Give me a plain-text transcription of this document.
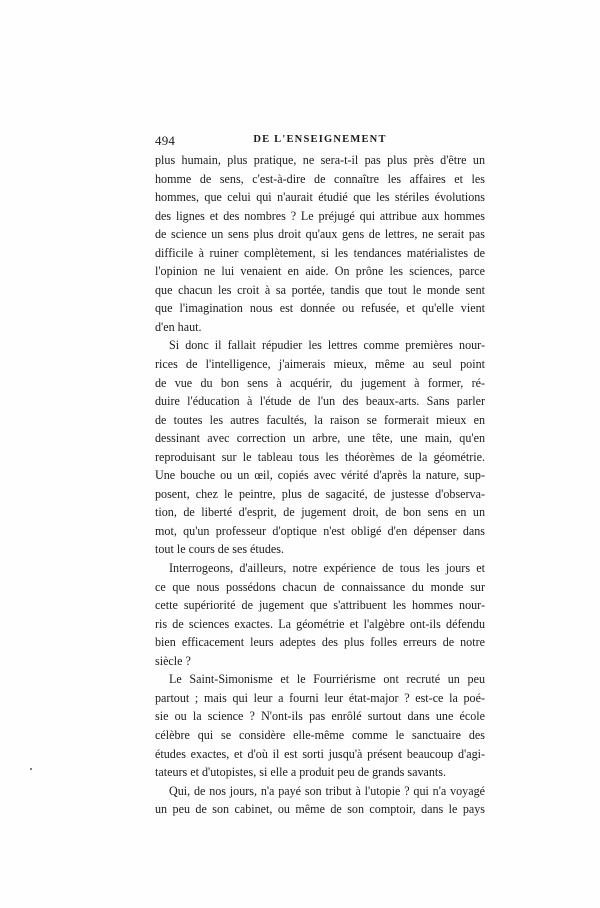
494	DE L'ENSEIGNEMENT
plus humain, plus pratique, ne sera-t-il pas plus près d'être un
homme de sens, c'est-à-dire de connaître les affaires et les
hommes, que celui qui n'aurait étudié que les stériles évolutions
des lignes et des nombres ? Le préjugé qui attribue aux hommes
de science un sens plus droit qu'aux gens de lettres, ne serait pas
difficile à ruiner complètement, si les tendances matérialistes de
l'opinion ne lui venaient en aide. On prône les sciences, parce
que chacun les croit à sa portée, tandis que tout le monde sent
que l'imagination nous est donnée ou refusée, et qu'elle vient
d'en haut.
Si donc il fallait répudier les lettres comme premières nour-
rices de l'intelligence, j'aimerais mieux, même au seul point
de vue du bon sens à acquérir, du jugement à former, ré-
duire l'éducation à l'étude de l'un des beaux-arts. Sans parler
de toutes les autres facultés, la raison se formerait mieux en
dessinant avec correction un arbre, une tête, une main, qu'en
reproduisant sur le tableau tous les théorèmes de la géométrie.
Une bouche ou un œil, copiés avec vérité d'après la nature, sup-
posent, chez le peintre, plus de sagacité, de justesse d'observa-
tion, de liberté d'esprit, de jugement droit, de bon sens en un
mot, qu'un professeur d'optique n'est obligé d'en dépenser dans
tout le cours de ses études.
Interrogeons, d'ailleurs, notre expérience de tous les jours et
ce que nous possédons chacun de connaissance du monde sur
cette supériorité de jugement que s'attribuent les hommes nour-
ris de sciences exactes. La géométrie et l'algèbre ont-ils défendu
bien efficacement leurs adeptes des plus folles erreurs de notre
siècle ?
Le Saint-Simonisme et le Fourriérisme ont recruté un peu
partout ; mais qui leur a fourni leur état-major ? est-ce la poé-
sie ou la science ? N'ont-ils pas enrôlé surtout dans une école
célèbre qui se considère elle-même comme le sanctuaire des
études exactes, et d'où il est sorti jusqu'à présent beaucoup d'agi-
tateurs et d'utopistes, si elle a produit peu de grands savants.
Qui, de nos jours, n'a payé son tribut à l'utopie ? qui n'a voyagé
un peu de son cabinet, ou même de son comptoir, dans le pays
